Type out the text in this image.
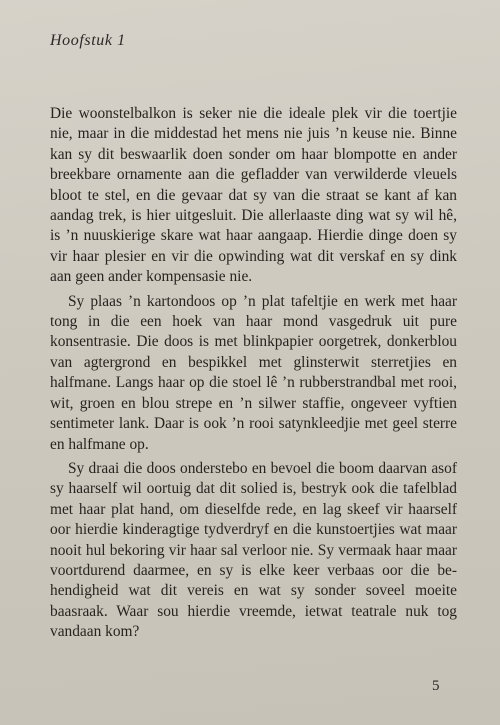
Hoofstuk 1

Die woonstelbalkon is seker nie die ideale plek vir die toertjie nie, maar in die middestad het mens nie juis ’n keuse nie. Binne kan sy dit beswaarlik doen sonder om haar blompotte en ander breekbare ornamente aan die gefladder van verwilderde vleuels bloot te stel, en die gevaar dat sy van die straat se kant af kan aandag trek, is hier uitgesluit. Die allerlaaste ding wat sy wil hê, is ’n nuuskierige skare wat haar aangaap. Hierdie dinge doen sy vir haar plesier en vir die opwinding wat dit verskaf en sy dink aan geen ander kompensasie nie.

Sy plaas ’n kartondoos op ’n plat tafeltjie en werk met haar tong in die een hoek van haar mond vasgedruk uit pure konsentrasie. Die doos is met blinkpapier oorgetrek, donkerblou van agtergrond en bespikkel met glinsterwit sterretjies en halfmane. Langs haar op die stoel lê ’n rubberstrandbal met rooi, wit, groen en blou strepe en ’n silwer staffie, ongeveer vyftien sentimeter lank. Daar is ook ’n rooi satynkleedjie met geel sterre en halfmane op.

Sy draai die doos onderstebo en bevoel die boom daarvan asof sy haarself wil oortuig dat dit solied is, bestryk ook die tafelblad met haar plat hand, om dieselfde rede, en lag skeef vir haarself oor hierdie kinderagtige tydverdryf en die kunstoertjies wat maar nooit hul bekoring vir haar sal verloor nie. Sy vermaak haar maar voortdurend daarmee, en sy is elke keer verbaas oor die behendigheid wat dit vereis en wat sy sonder soveel moeite baasraak. Waar sou hierdie vreemde, ietwat teatrale nuk tog vandaan kom?

5
